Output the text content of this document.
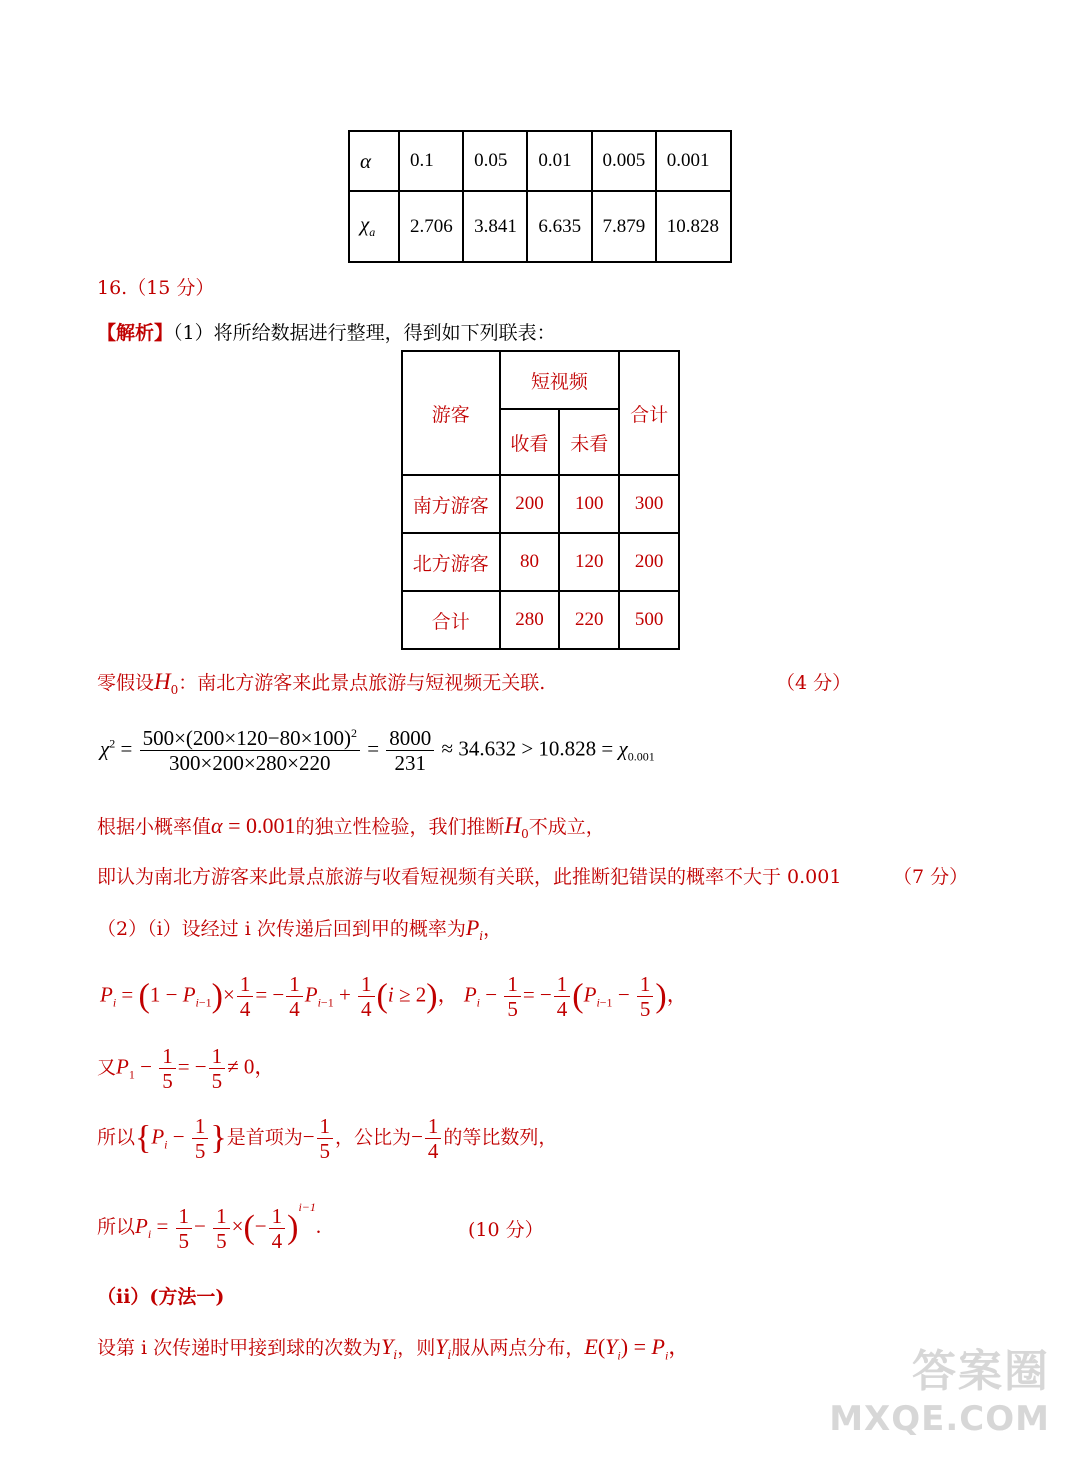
α	0.1	0.05	0.01	0.005	0.001
$\chi_a$	2.706	3.841	6.635	7.879	10.828
16.（15 分）
【解析】（1）将所给数据进行整理，得到如下列联表：
游客	短视频		合计
	收看	未看	
南方游客	200	100	300
北方游客	80	120	200
合计	280	220	500
零假设$H_0$：南北方游客来此景点旅游与短视频无关联.	（4 分）
$\chi^2 = \frac{500\times(200\times 120-80\times 100)^2}{300\times 200\times 280\times 220} = \frac{8000}{231} \approx 34.632 > 10.828 = \chi_{0.001}$
根据小概率值α = 0.001的独立性检验，我们推断$H_0$不成立，
即认为南北方游客来此景点旅游与收看短视频有关联，此推断犯错误的概率不大于 0.001	（7 分）
（2）（i）设经过 i 次传递后回到甲的概率为$P_i$，
$P_i = (1 - P_{i-1})\times \frac{1}{4}$ = − $\frac{1}{4} P_{i-1} + \frac{1}{4} (i \ge 2)$， $P_i - \frac{1}{5}$ = − $\frac{1}{4} (P_{i-1} - \frac{1}{5}$ )，
又$P_1 - \frac{1}{5}$ = − $\frac{1}{5} \ne 0$，
所以{$P_i - \frac{1}{5}$ }是首项为− $\frac{1}{5}$ ，公比为− $\frac{1}{4}$ 的等比数列，
所以$P_i = \frac{1}{5} - \frac{1}{5}$ ×(− $\frac{1}{4} )^{i-1}$.	(10 分）
（ii）(方法一)
设第 i 次传递时甲接到球的次数为$Y_i$，则$Y_i$服从两点分布，$E(Y_i) = P_i$，	答案圈
MXQE.COM
